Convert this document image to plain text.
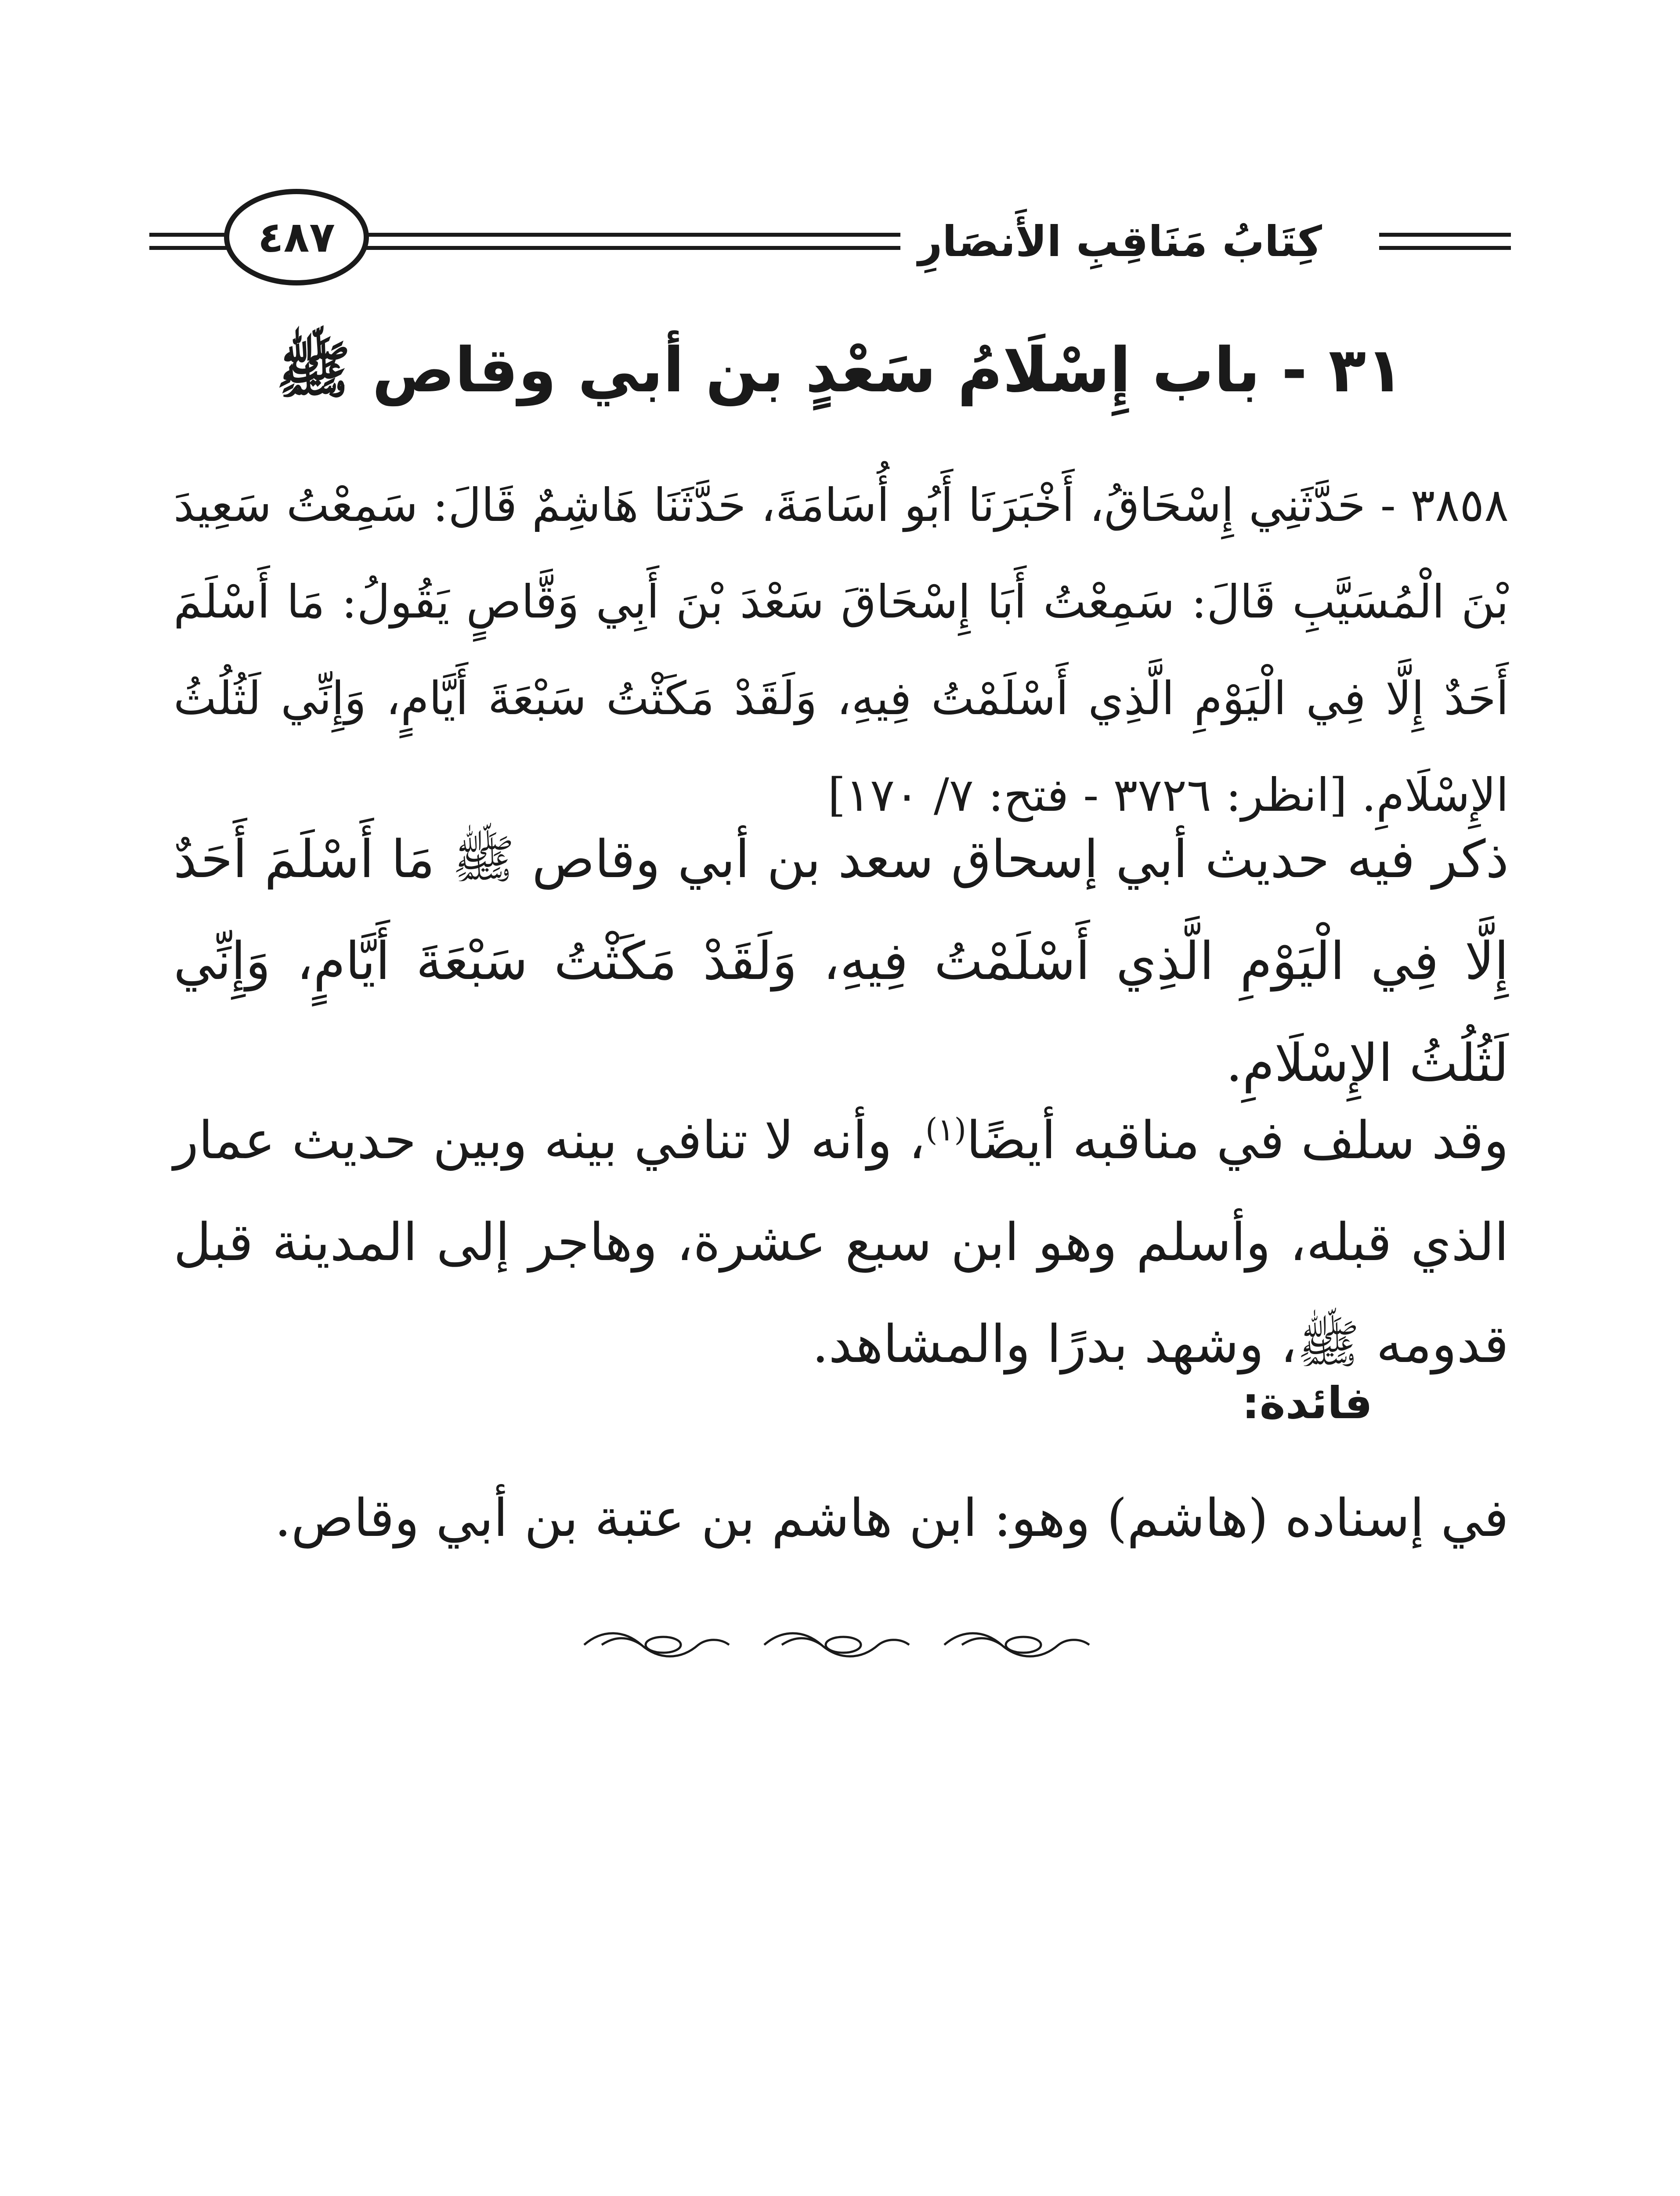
كِتَابُ مَنَاقِبِ الأَنصَارِ
٤٨٧
٣١ - باب إِسْلَامُ سَعْدٍ بن أبي وقاص ﷺ
٣٨٥٨ - حَدَّثَنِي إِسْحَاقُ، أَخْبَرَنَا أَبُو أُسَامَةَ، حَدَّثَنَا هَاشِمٌ قَالَ: سَمِعْتُ سَعِيدَ بْنَ الْمُسَيَّبِ قَالَ: سَمِعْتُ أَبَا إِسْحَاقَ سَعْدَ بْنَ أَبِي وَقَّاصٍ يَقُولُ: مَا أَسْلَمَ أَحَدٌ إِلَّا فِي الْيَوْمِ الَّذِي أَسْلَمْتُ فِيهِ، وَلَقَدْ مَكَثْتُ سَبْعَةَ أَيَّامٍ، وَإِنِّي لَثُلُثُ الإِسْلَامِ. [انظر: ٣٧٢٦ - فتح: ٧/ ١٧٠]
ذكر فيه حديث أبي إسحاق سعد بن أبي وقاص ﷺ مَا أَسْلَمَ أَحَدٌ إِلَّا فِي الْيَوْمِ الَّذِي أَسْلَمْتُ فِيهِ، وَلَقَدْ مَكَثْتُ سَبْعَةَ أَيَّامٍ، وَإِنِّي لَثُلُثُ الإِسْلَامِ.
وقد سلف في مناقبه أيضًا$^{(١)}$، وأنه لا تنافي بينه وبين حديث عمار الذي قبله، وأسلم وهو ابن سبع عشرة، وهاجر إلى المدينة قبل قدومه ﷺ، وشهد بدرًا والمشاهد.
فائدة:
في إسناده (هاشم) وهو: ابن هاشم بن عتبة بن أبي وقاص.
